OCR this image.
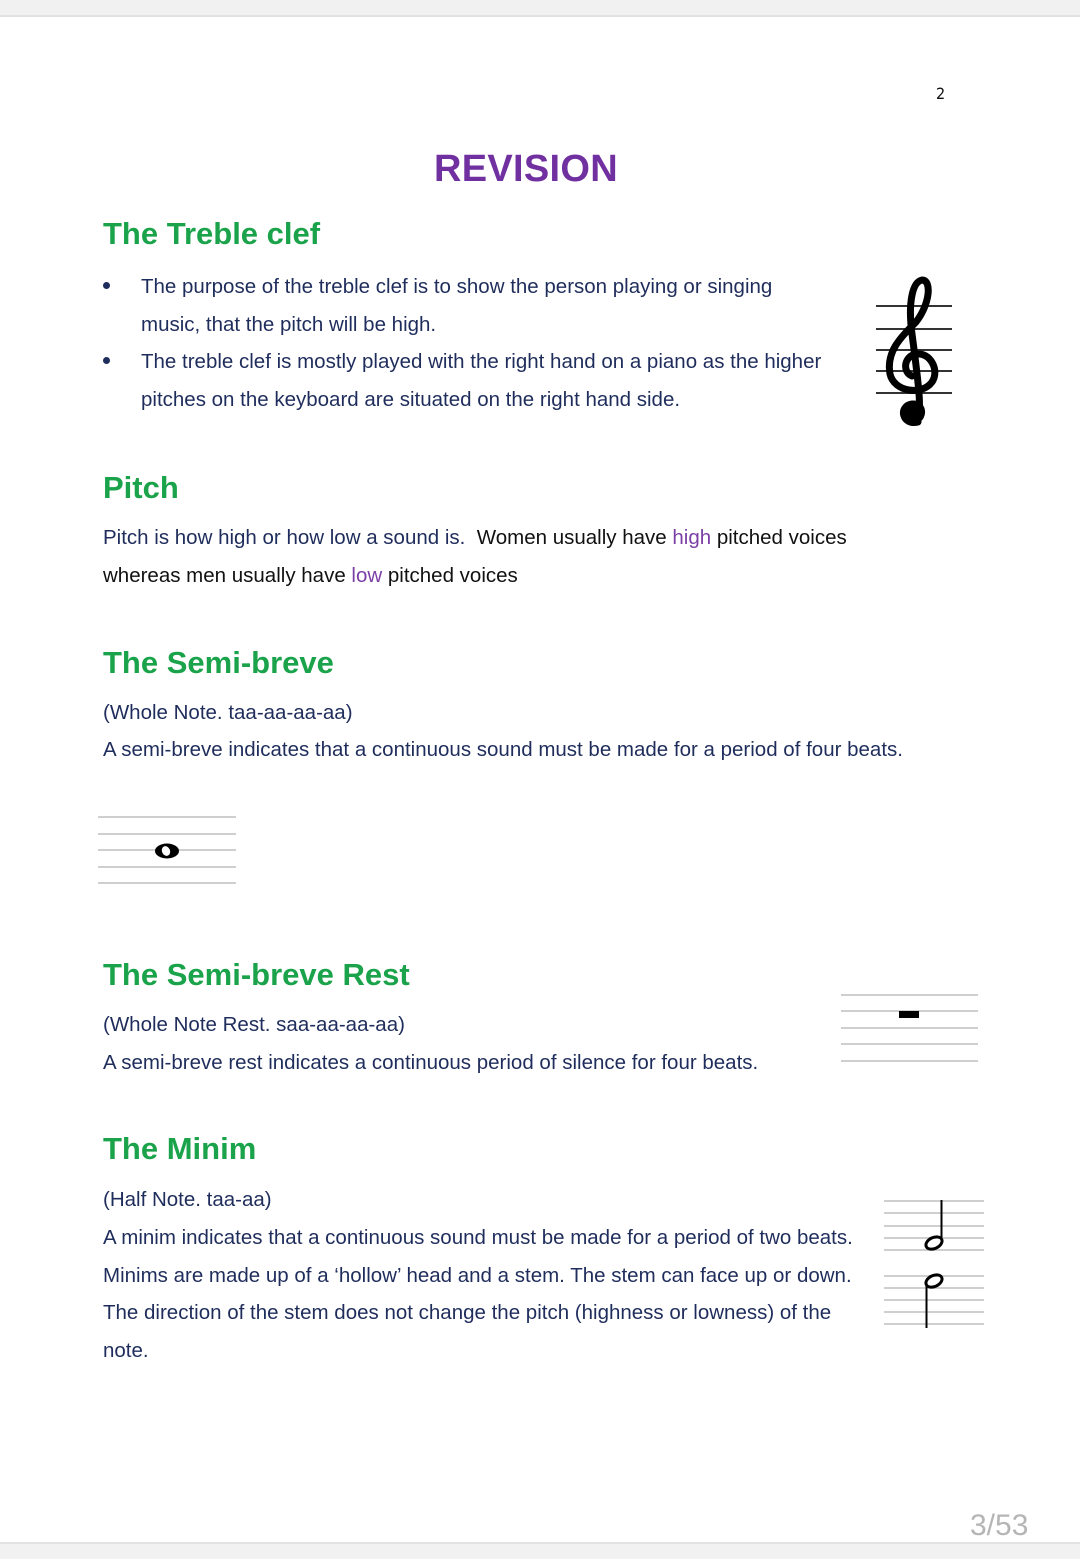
2
REVISION
The Treble clef
The purpose of the treble clef is to show the person playing or singing music, that the pitch will be high.
The treble clef is mostly played with the right hand on a piano as the higher pitches on the keyboard are situated on the right hand side.
Pitch

Pitch is how high or how low a sound is. Women usually have high pitched voices whereas men usually have low pitched voices

The Semi-breve
(Whole Note. taa-aa-aa-aa)

A semi-breve indicates that a continuous sound must be made for a period of four beats.

The Semi-breve Rest
(Whole Note Rest. saa-aa-aa-aa)
A semi-breve rest indicates a continuous period of silence for four beats.
The Minim
(Half Note. taa-aa)

A minim indicates that a continuous sound must be made for a period of two beats. Minims are made up of a ‘hollow’ head and a stem. The stem can face up or down. The direction of the stem does not change the pitch (highness or lowness) of the note.

3/53
